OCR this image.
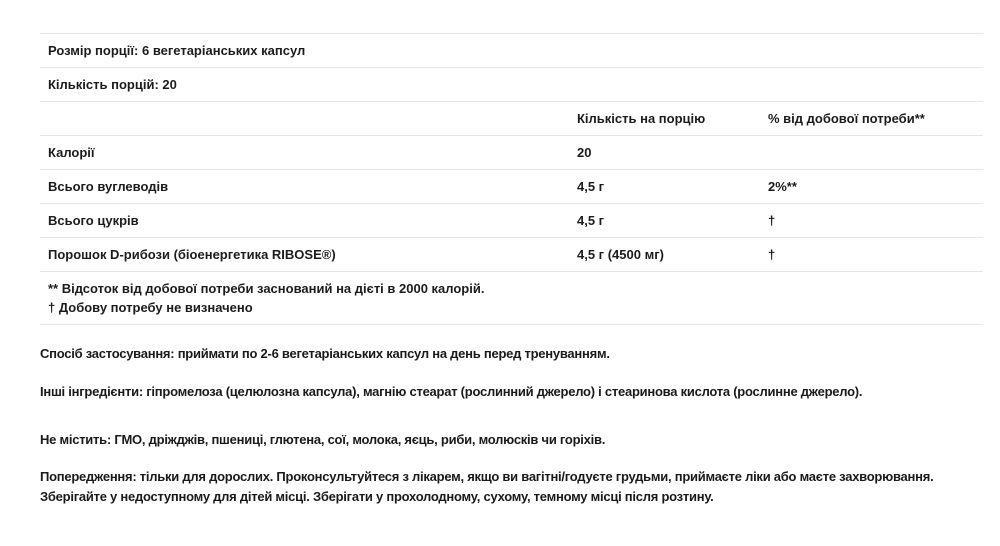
Розмір порції: 6 вегетаріанських капсул		
Кількість порцій: 20		
	Кількість на порцію	% від добової потреби**
Калорії	20	
Всього вуглеводів	4,5 г	2%**
Всього цукрів	4,5 г	†
Порошок D-рибози (біоенергетика RIBOSE®)	4,5 г (4500 мг)	†

** Відсоток від добової потреби заснований на дієті в 2000 калорій.
† Добову потребу не визначено		

Спосіб застосування: приймати по 2-6 вегетаріанських капсул на день перед тренуванням.

Інші інгредієнти: гіпромелоза (целюлозна капсула), магнію стеарат (рослинний джерело) і стеаринова кислота (рослинне джерело).

Не містить: ГМО, дріжджів, пшениці, глютена, сої, молока, яєць, риби, молюсків чи горіхів.

Попередження: тільки для дорослих. Проконсультуйтеся з лікарем, якщо ви вагітні/годуєте грудьми, приймаєте ліки або маєте захворювання. Зберігайте у недоступному для дітей місці. Зберігати у прохолодному, сухому, темному місці після розтину.
